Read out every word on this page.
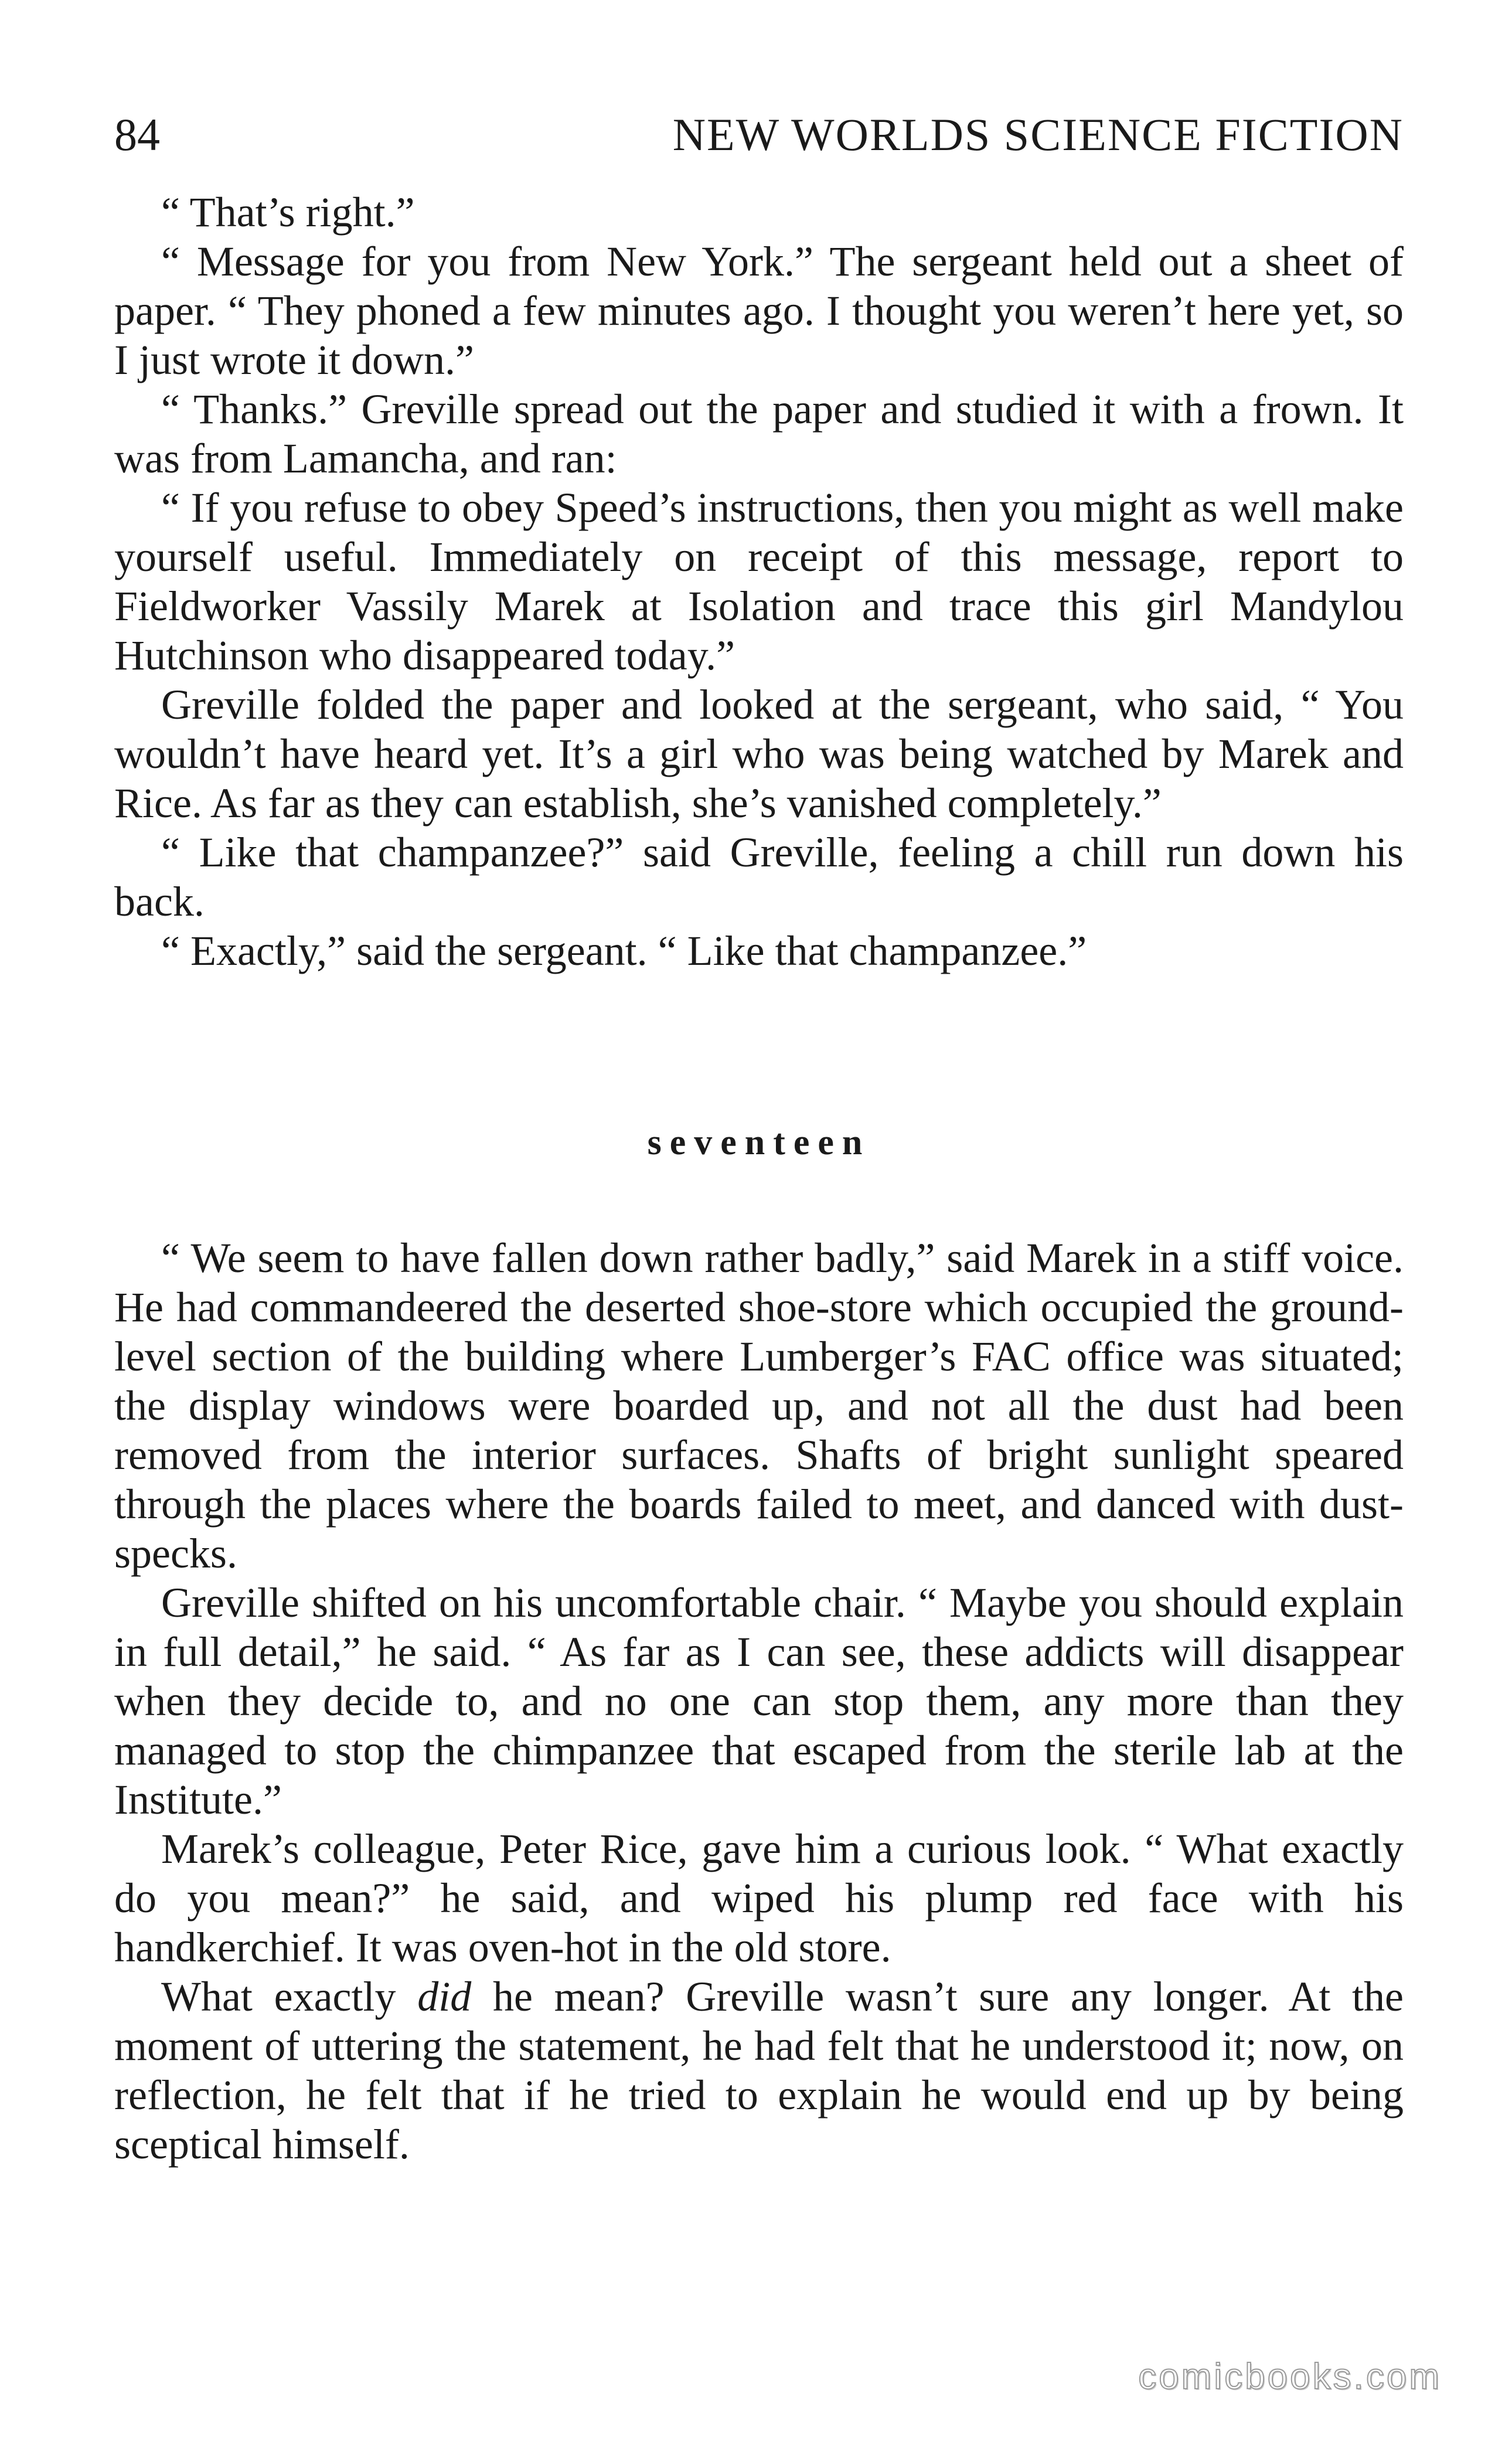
84	NEW WORLDS SCIENCE FICTION

“ That’s right.”

“ Message for you from New York.” The sergeant held out a sheet of paper. “ They phoned a few minutes ago. I thought you weren’t here yet, so I just wrote it down.”

“ Thanks.” Greville spread out the paper and studied it with a frown. It was from Lamancha, and ran:

“ If you refuse to obey Speed’s instructions, then you might as well make yourself useful. Immediately on receipt of this message, report to Fieldworker Vassily Marek at Isolation and trace this girl Mandylou Hutchinson who disappeared today.”

Greville folded the paper and looked at the sergeant, who said, “ You wouldn’t have heard yet. It’s a girl who was being watched by Marek and Rice. As far as they can establish, she’s vanished completely.”

“ Like that champanzee?” said Greville, feeling a chill run down his back.

“ Exactly,” said the sergeant. “ Like that champanzee.”

seventeen

“ We seem to have fallen down rather badly,” said Marek in a stiff voice. He had commandeered the deserted shoe-store which occupied the ground-level section of the building where Lumberger’s FAC office was situated; the display windows were boarded up, and not all the dust had been removed from the interior surfaces. Shafts of bright sunlight speared through the places where the boards failed to meet, and danced with dust-specks.

Greville shifted on his uncomfortable chair. “ Maybe you should explain in full detail,” he said. “ As far as I can see, these addicts will disappear when they decide to, and no one can stop them, any more than they managed to stop the chimpanzee that escaped from the sterile lab at the Institute.”

Marek’s colleague, Peter Rice, gave him a curious look. “ What exactly do you mean?” he said, and wiped his plump red face with his handkerchief. It was oven-hot in the old store.

What exactly did he mean? Greville wasn’t sure any longer. At the moment of uttering the statement, he had felt that he understood it; now, on reflection, he felt that if he tried to explain he would end up by being sceptical himself.

comicbooks.com
